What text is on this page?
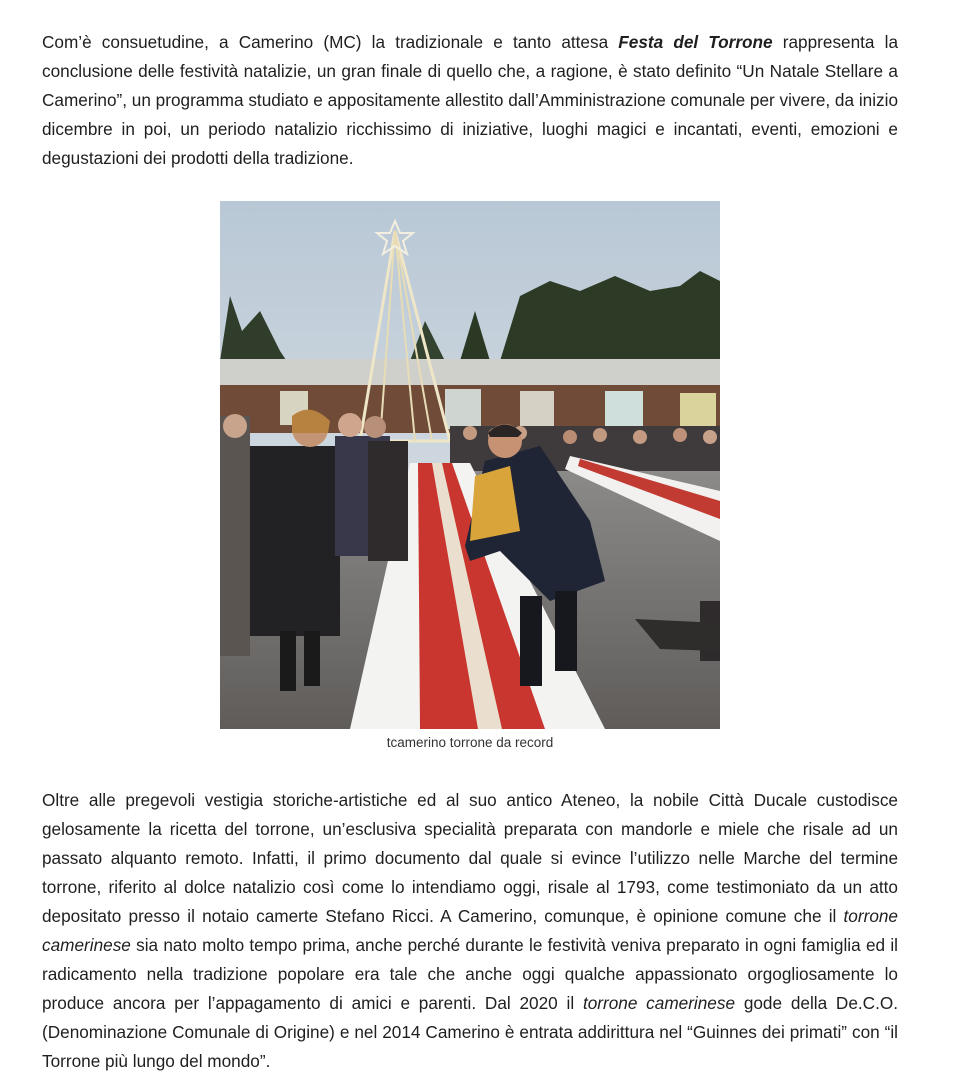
Com’è consuetudine, a Camerino (MC) la tradizionale e tanto attesa Festa del Torrone rappresenta la conclusione delle festività natalizie, un gran finale di quello che, a ragione, è stato definito “Un Natale Stellare a Camerino”, un programma studiato e appositamente allestito dall’Amministrazione comunale per vivere, da inizio dicembre in poi, un periodo natalizio ricchissimo di iniziative, luoghi magici e incantati, eventi, emozioni e degustazioni dei prodotti della tradizione.

tcamerino torrone da record

Oltre alle pregevoli vestigia storiche-artistiche ed al suo antico Ateneo, la nobile Città Ducale custodisce gelosamente la ricetta del torrone, un’esclusiva specialità preparata con mandorle e miele che risale ad un passato alquanto remoto. Infatti, il primo documento dal quale si evince l’utilizzo nelle Marche del termine torrone, riferito al dolce natalizio così come lo intendiamo oggi, risale al 1793, come testimoniato da un atto depositato presso il notaio camerte Stefano Ricci. A Camerino, comunque, è opinione comune che il torrone camerinese sia nato molto tempo prima, anche perché durante le festività veniva preparato in ogni famiglia ed il radicamento nella tradizione popolare era tale che anche oggi qualche appassionato orgogliosamente lo produce ancora per l’appagamento di amici e parenti. Dal 2020 il torrone camerinese gode della De.C.O. (Denominazione Comunale di Origine) e nel 2014 Camerino è entrata addirittura nel “Guinnes dei primati” con “il Torrone più lungo del mondo”.
